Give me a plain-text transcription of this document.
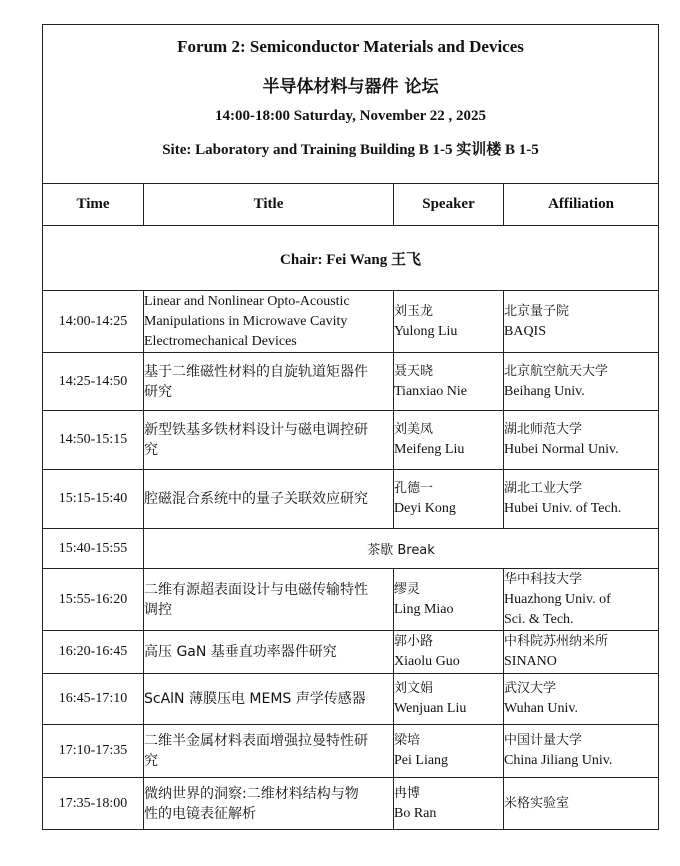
Forum 2: Semiconductor Materials and Devices
半导体材料与器件 论坛
14:00-18:00 Saturday, November 22 , 2025
Site: Laboratory and Training Building B 1-5 实训楼 B 1-5			

Time	Title	Speaker	Affiliation
Chair: Fei Wang 王飞			
14:00-14:25	Linear and Nonlinear Opto-Acoustic
Manipulations in Microwave Cavity
Electromechanical Devices	刘玉龙
Yulong Liu	北京量子院
BAQIS

14:25-14:50	基于二维磁性材料的自旋轨道矩器件
研究	聂天晓
Tianxiao Nie	北京航空航天大学
Beihang Univ.

14:50-15:15	新型铁基多铁材料设计与磁电调控研
究	刘美凤
Meifeng Liu	湖北师范大学
Hubei Normal Univ.

15:15-15:40	腔磁混合系统中的量子关联效应研究	孔德一
Deyi Kong	湖北工业大学
Hubei Univ. of Tech.

15:40-15:55	茶歇 Break		
15:55-16:20	二维有源超表面设计与电磁传输特性
调控	缪灵
Ling Miao	华中科技大学
Huazhong Univ. of
Sci. & Tech.

16:20-16:45	高压 GaN 基垂直功率器件研究	郭小路
Xiaolu Guo	中科院苏州纳米所
SINANO

16:45-17:10	ScAlN 薄膜压电 MEMS 声学传感器	刘文娟
Wenjuan Liu	武汉大学
Wuhan Univ.

17:10-17:35	二维半金属材料表面增强拉曼特性研
究	梁培
Pei Liang	中国计量大学
China Jiliang Univ.

17:35-18:00	微纳世界的洞察:二维材料结构与物
性的电镜表征解析	冉博
Bo Ran	米格实验室
